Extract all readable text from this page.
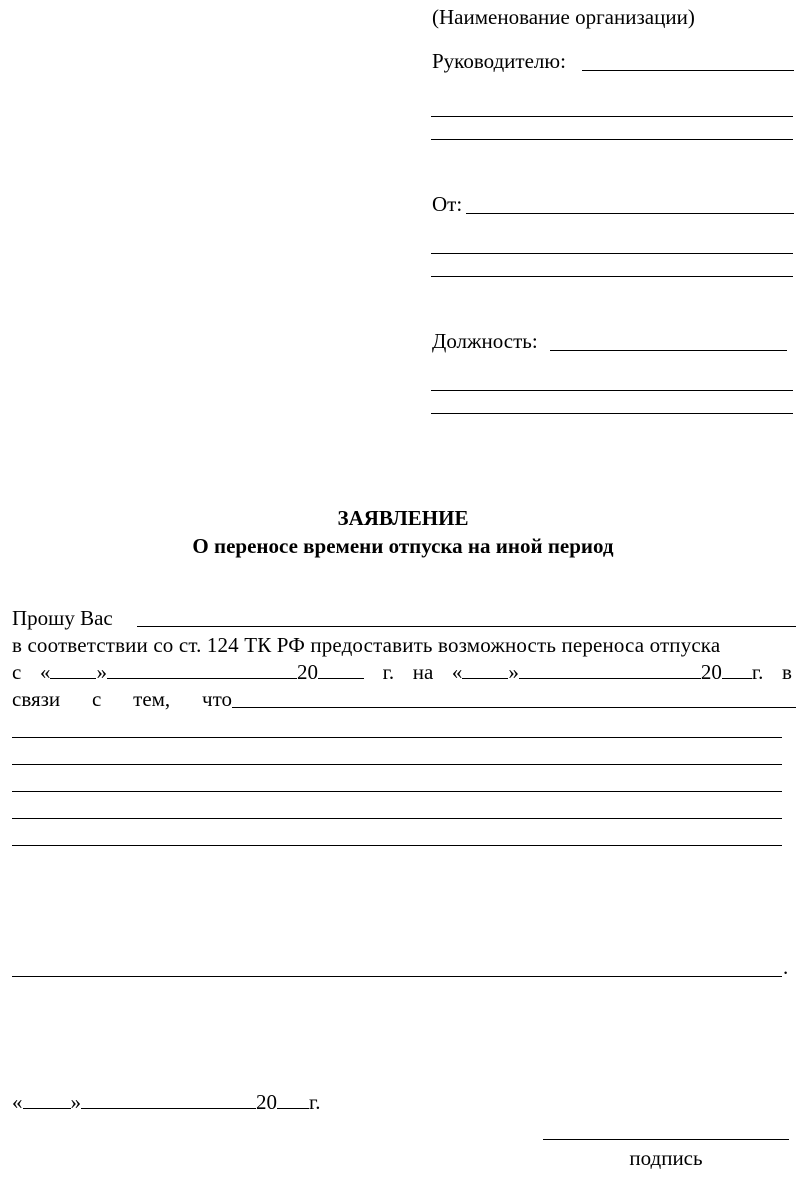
(Наименование организации)
Руководителю:
От:
Должность:
ЗАЯВЛЕНИЕ
О переносе времени отпуска на иной период
Прошу Вас
в соответствии со ст. 124 ТК РФ предоставить возможность переноса отпуска
с « »	20	г. на « »	20 г. в
связи с тем, что
.
« »	20 г.
подпись
